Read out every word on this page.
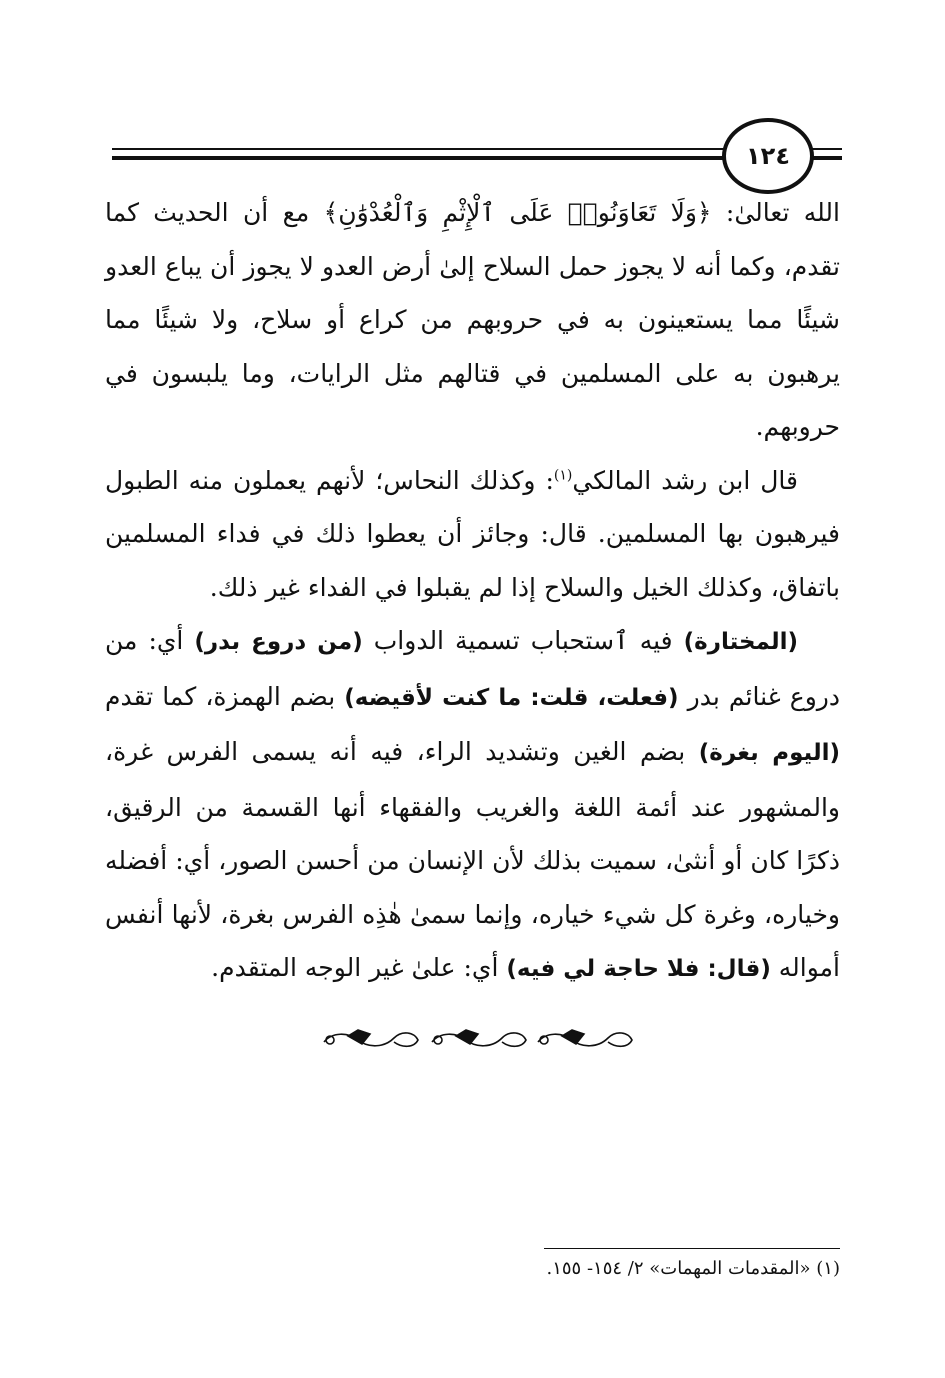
١٢٤

الله تعالىٰ: ﴿وَلَا تَعَاوَنُوا۟ عَلَى ٱلْإِثْمِ وَٱلْعُدْوَٰنِ﴾ مع أن الحديث كما تقدم، وكما أنه لا يجوز حمل السلاح إلىٰ أرض العدو لا يجوز أن يباع العدو شيئًا مما يستعينون به في حروبهم من كراع أو سلاح، ولا شيئًا مما يرهبون به على المسلمين في قتالهم مثل الرايات، وما يلبسون في حروبهم.

قال ابن رشد المالكي$^{(١)}$: وكذلك النحاس؛ لأنهم يعملون منه الطبول فيرهبون بها المسلمين. قال: وجائز أن يعطوا ذلك في فداء المسلمين باتفاق، وكذلك الخيل والسلاح إذا لم يقبلوا في الفداء غير ذلك.

(المختارة) فيه ٱستحباب تسمية الدواب (من دروع بدر) أي: من دروع غنائم بدر (فعلت، قلت: ما كنت لأقيضه) بضم الهمزة، كما تقدم (اليوم بغرة) بضم الغين وتشديد الراء، فيه أنه يسمى الفرس غرة، والمشهور عند أئمة اللغة والغريب والفقهاء أنها القسمة من الرقيق، ذكرًا كان أو أنثىٰ، سميت بذلك لأن الإنسان من أحسن الصور، أي: أفضله وخياره، وغرة كل شيء خياره، وإنما سمىٰ هٰذِه الفرس بغرة، لأنها أنفس أمواله (قال: فلا حاجة لي فيه) أي: علىٰ غير الوجه المتقدم.

(١) «المقدمات المهمات» ٢/ ١٥٤- ١٥٥.
